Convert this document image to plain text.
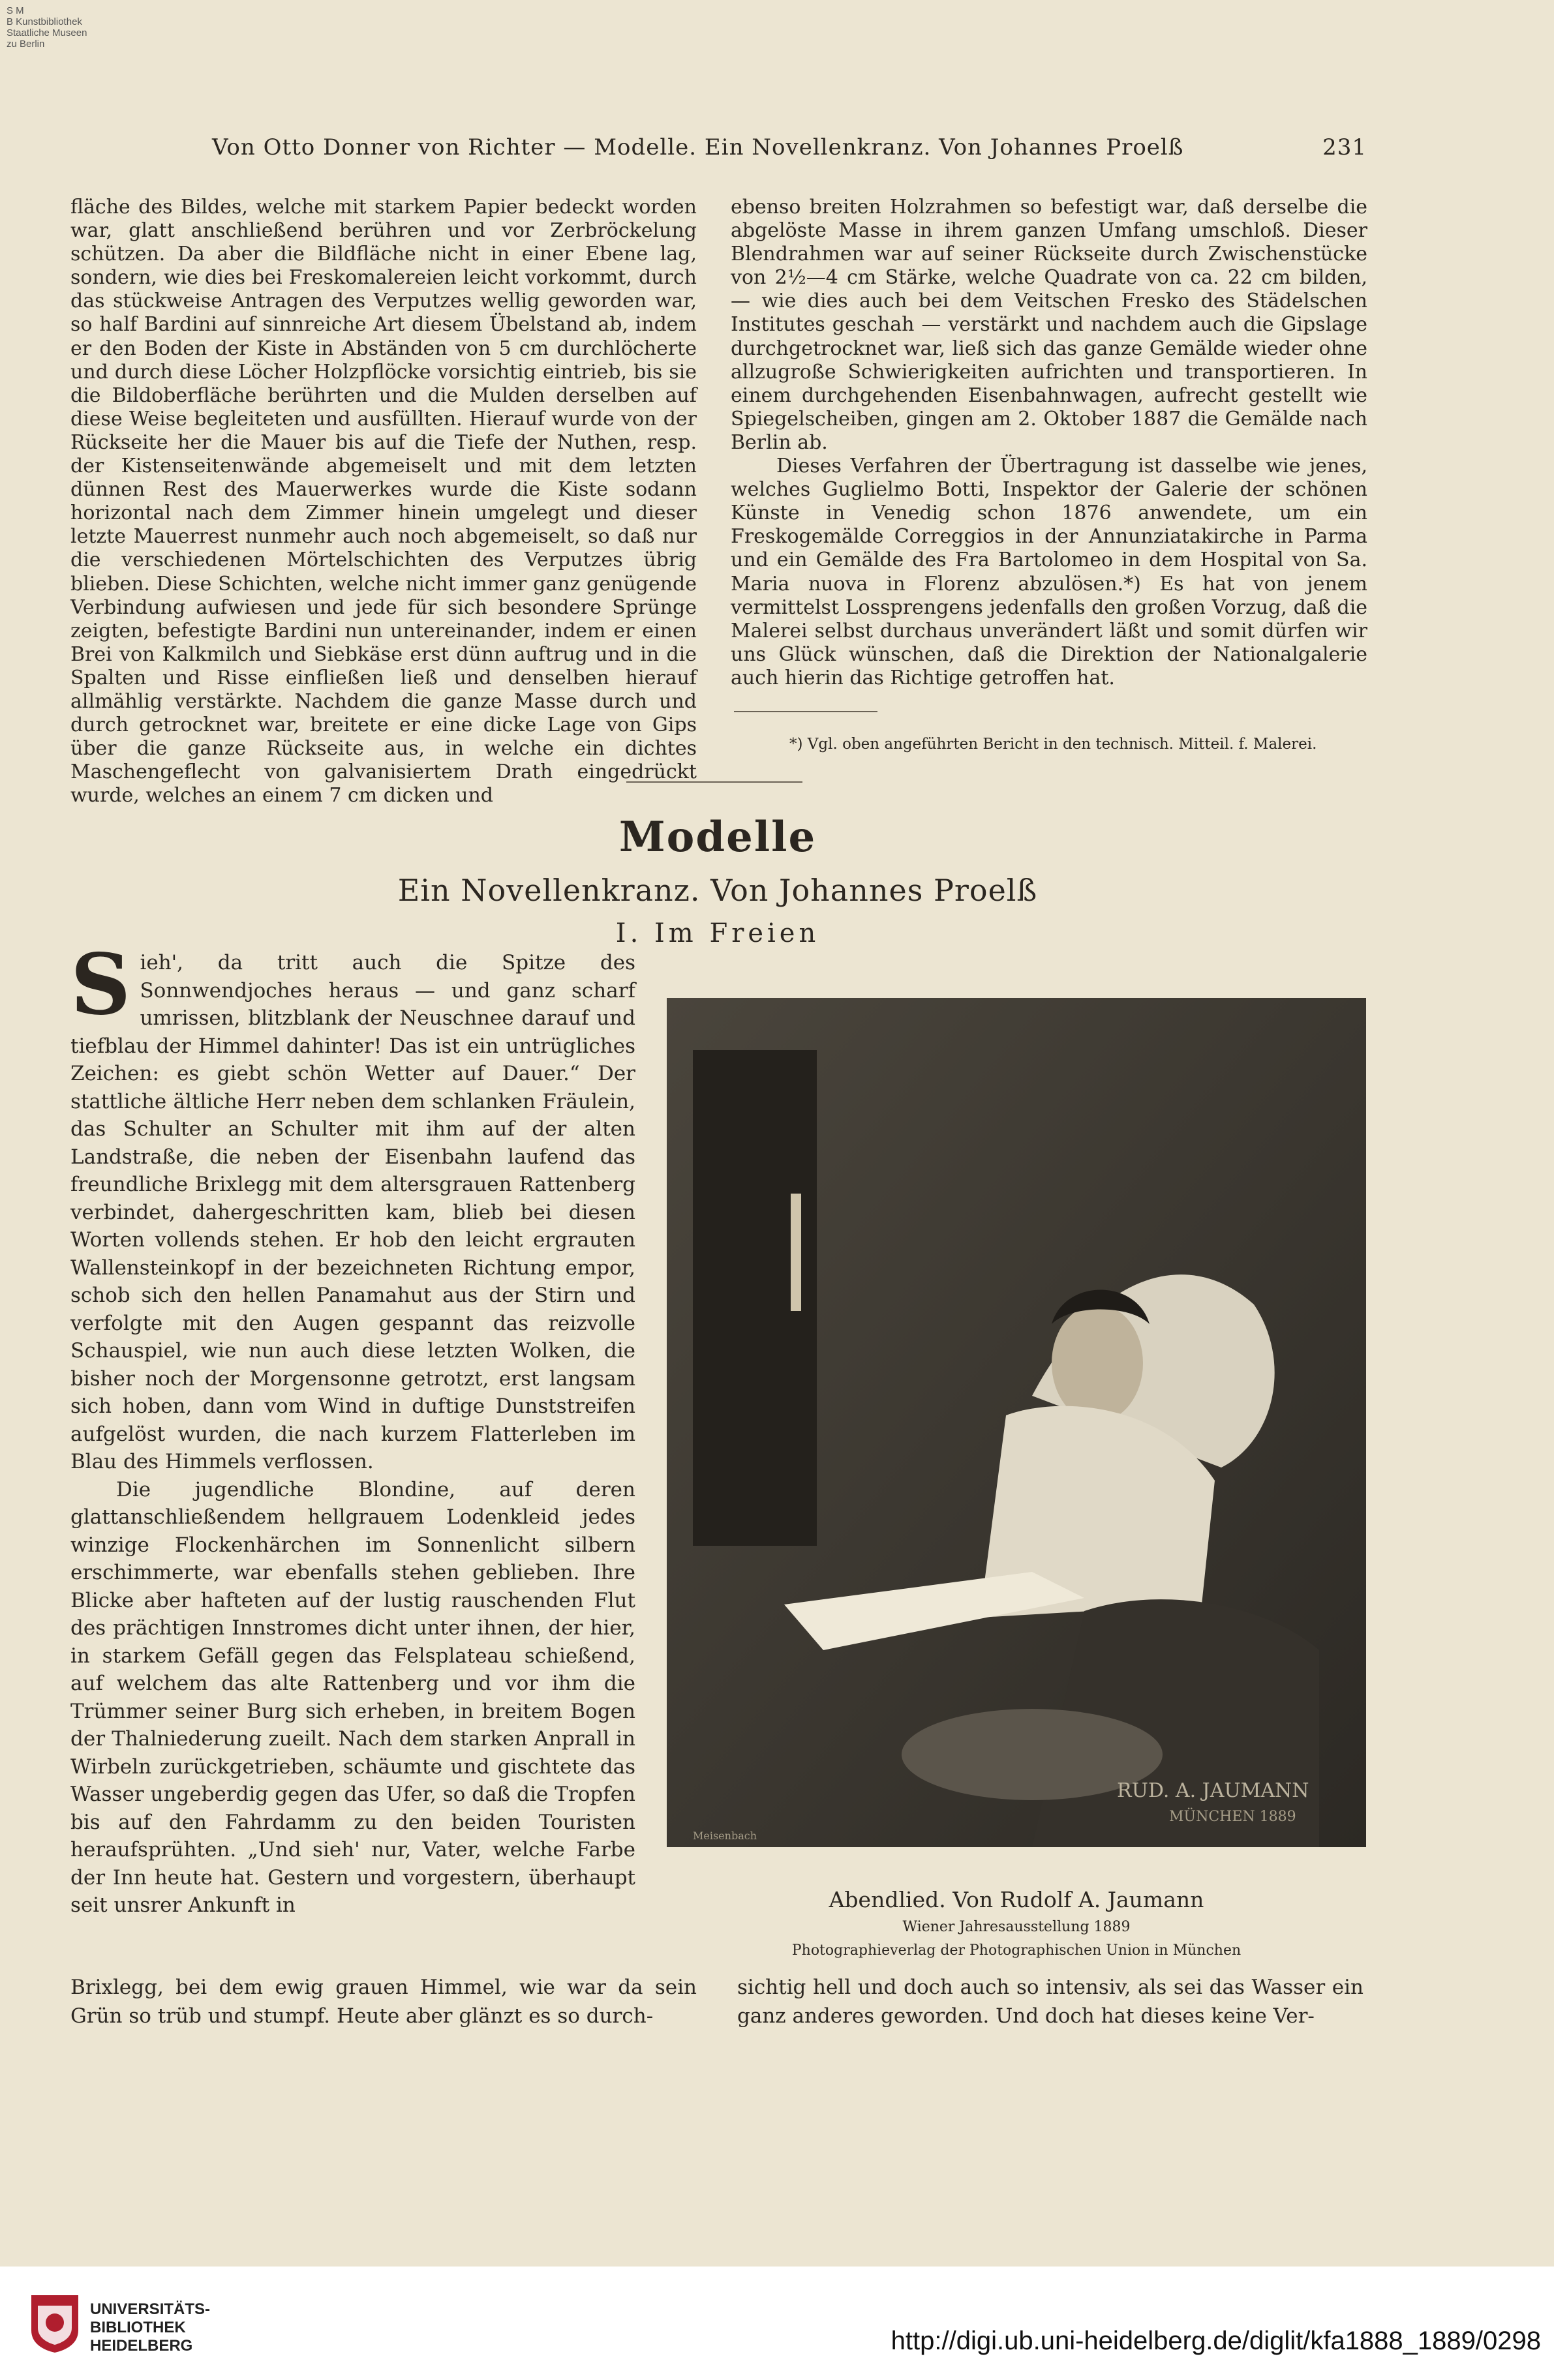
S M
B Kunstbibliothek
Staatliche Museen
zu Berlin
Von Otto Donner von Richter — Modelle. Ein Novellenkranz. Von Johannes Proelß	231

fläche des Bildes, welche mit starkem Papier bedeckt worden war, glatt anschließend berühren und vor Zerbröckelung schützen. Da aber die Bildfläche nicht in einer Ebene lag, sondern, wie dies bei Freskomalereien leicht vorkommt, durch das stückweise Antragen des Verputzes wellig geworden war, so half Bardini auf sinnreiche Art diesem Übelstand ab, indem er den Boden der Kiste in Abständen von 5 cm durchlöcherte und durch diese Löcher Holzpflöcke vorsichtig eintrieb, bis sie die Bildoberfläche berührten und die Mulden derselben auf diese Weise begleiteten und ausfüllten. Hierauf wurde von der Rückseite her die Mauer bis auf die Tiefe der Nuthen, resp. der Kistenseitenwände abgemeiselt und mit dem letzten dünnen Rest des Mauerwerkes wurde die Kiste sodann horizontal nach dem Zimmer hinein umgelegt und dieser letzte Mauerrest nunmehr auch noch abgemeiselt, so daß nur die verschiedenen Mörtelschichten des Verputzes übrig blieben. Diese Schichten, welche nicht immer ganz genügende Verbindung aufwiesen und jede für sich besondere Sprünge zeigten, befestigte Bardini nun untereinander, indem er einen Brei von Kalkmilch und Siebkäse erst dünn auftrug und in die Spalten und Risse einfließen ließ und denselben hierauf allmählig verstärkte. Nachdem die ganze Masse durch und durch getrocknet war, breitete er eine dicke Lage von Gips über die ganze Rückseite aus, in welche ein dichtes Maschengeflecht von galvanisiertem Drath eingedrückt wurde, welches an einem 7 cm dicken und

ebenso breiten Holzrahmen so befestigt war, daß derselbe die abgelöste Masse in ihrem ganzen Umfang umschloß. Dieser Blendrahmen war auf seiner Rückseite durch Zwischenstücke von 2½—4 cm Stärke, welche Quadrate von ca. 22 cm bilden, — wie dies auch bei dem Veitschen Fresko des Städelschen Institutes geschah — verstärkt und nachdem auch die Gipslage durchgetrocknet war, ließ sich das ganze Gemälde wieder ohne allzugroße Schwierigkeiten aufrichten und transportieren. In einem durchgehenden Eisenbahnwagen, aufrecht gestellt wie Spiegelscheiben, gingen am 2. Oktober 1887 die Gemälde nach Berlin ab.

Dieses Verfahren der Übertragung ist dasselbe wie jenes, welches Guglielmo Botti, Inspektor der Galerie der schönen Künste in Venedig schon 1876 anwendete, um ein Freskogemälde Correggios in der Annunziatakirche in Parma und ein Gemälde des Fra Bartolomeo in dem Hospital von Sa. Maria nuova in Florenz abzulösen.*) Es hat von jenem vermittelst Lossprengens jedenfalls den großen Vorzug, daß die Malerei selbst durchaus unverändert läßt und somit dürfen wir uns Glück wünschen, daß die Direktion der Nationalgalerie auch hierin das Richtige getroffen hat.

*) Vgl. oben angeführten Bericht in den technisch. Mitteil. f. Malerei.
Modelle
Ein Novellenkranz. Von Johannes Proelß
I. Im Freien

Sieh', da tritt auch die Spitze des Sonnwendjoches heraus — und ganz scharf umrissen, blitzblank der Neuschnee darauf und tiefblau der Himmel dahinter! Das ist ein untrügliches Zeichen: es giebt schön Wetter auf Dauer.“ Der stattliche ältliche Herr neben dem schlanken Fräulein, das Schulter an Schulter mit ihm auf der alten Landstraße, die neben der Eisenbahn laufend das freundliche Brixlegg mit dem altersgrauen Rattenberg verbindet, dahergeschritten kam, blieb bei diesen Worten vollends stehen. Er hob den leicht ergrauten Wallensteinkopf in der bezeichneten Richtung empor, schob sich den hellen Panamahut aus der Stirn und verfolgte mit den Augen gespannt das reizvolle Schauspiel, wie nun auch diese letzten Wolken, die bisher noch der Morgensonne getrotzt, erst langsam sich hoben, dann vom Wind in duftige Dunststreifen aufgelöst wurden, die nach kurzem Flatterleben im Blau des Himmels verflossen.

Die jugendliche Blondine, auf deren glattanschließendem hellgrauem Lodenkleid jedes winzige Flockenhärchen im Sonnenlicht silbern erschimmerte, war ebenfalls stehen geblieben. Ihre Blicke aber hafteten auf der lustig rauschenden Flut des prächtigen Innstromes dicht unter ihnen, der hier, in starkem Gefäll gegen das Felsplateau schießend, auf welchem das alte Rattenberg und vor ihm die Trümmer seiner Burg sich erheben, in breitem Bogen der Thalniederung zueilt. Nach dem starken Anprall in Wirbeln zurückgetrieben, schäumte und gischtete das Wasser ungeberdig gegen das Ufer, so daß die Tropfen bis auf den Fahrdamm zu den beiden Touristen heraufsprühten. „Und sieh' nur, Vater, welche Farbe der Inn heute hat. Gestern und vorgestern, überhaupt seit unsrer Ankunft in

RUD. A. JAUMANN
MÜNCHEN 1889
Meisenbach
Abendlied. Von Rudolf A. Jaumann
Wiener Jahresausstellung 1889
Photographieverlag der Photographischen Union in München
Brixlegg, bei dem ewig grauen Himmel, wie war da sein Grün so trüb und stumpf. Heute aber glänzt es so durch-
sichtig hell und doch auch so intensiv, als sei das Wasser ein ganz anderes geworden. Und doch hat dieses keine Ver-
UNIVERSITÄTS-
BIBLIOTHEK
HEIDELBERG	http://digi.ub.uni-heidelberg.de/diglit/kfa1888_1889/0298
